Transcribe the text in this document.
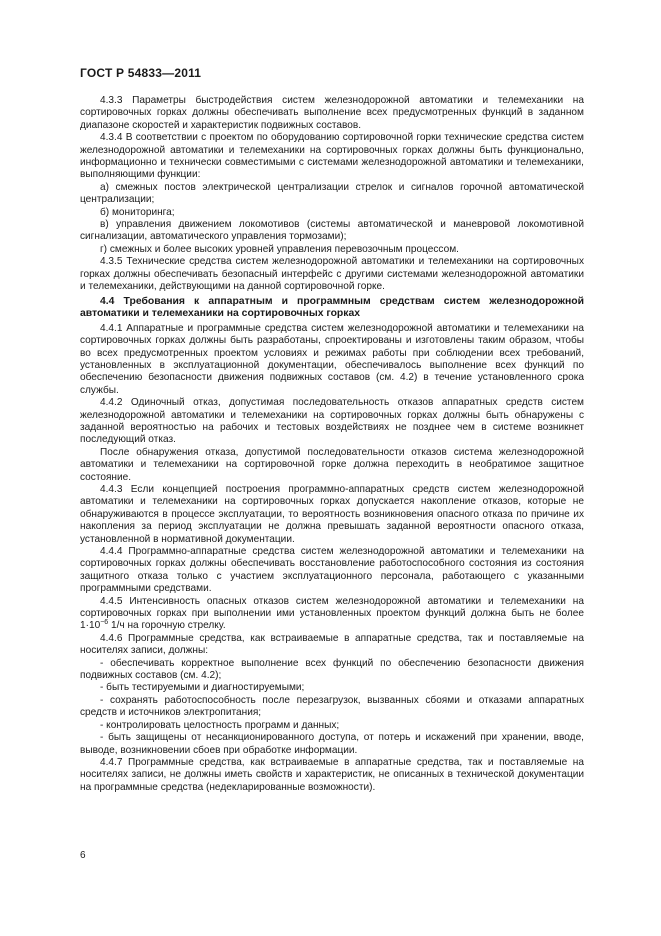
ГОСТ Р 54833—2011

4.3.3 Параметры быстродействия систем железнодорожной автоматики и телемеханики на сортировочных горках должны обеспечивать выполнение всех предусмотренных функций в заданном диапазоне скоростей и характеристик подвижных составов.

4.3.4 В соответствии с проектом по оборудованию сортировочной горки технические средства систем железнодорожной автоматики и телемеханики на сортировочных горках должны быть функционально, информационно и технически совместимыми с системами железнодорожной автоматики и телемеханики, выполняющими функции:

а) смежных постов электрической централизации стрелок и сигналов горочной автоматической централизации;

б) мониторинга;

в) управления движением локомотивов (системы автоматической и маневровой локомотивной сигнализации, автоматического управления тормозами);

г) смежных и более высоких уровней управления перевозочным процессом.

4.3.5 Технические средства систем железнодорожной автоматики и телемеханики на сортировочных горках должны обеспечивать безопасный интерфейс с другими системами железнодорожной автоматики и телемеханики, действующими на данной сортировочной горке.

4.4 Требования к аппаратным и программным средствам систем железнодорожной автоматики и телемеханики на сортировочных горках

4.4.1 Аппаратные и программные средства систем железнодорожной автоматики и телемеханики на сортировочных горках должны быть разработаны, спроектированы и изготовлены таким образом, чтобы во всех предусмотренных проектом условиях и режимах работы при соблюдении всех требований, установленных в эксплуатационной документации, обеспечивалось выполнение всех функций по обеспечению безопасности движения подвижных составов (см. 4.2) в течение установленного срока службы.

4.4.2 Одиночный отказ, допустимая последовательность отказов аппаратных средств систем железнодорожной автоматики и телемеханики на сортировочных горках должны быть обнаружены с заданной вероятностью на рабочих и тестовых воздействиях не позднее чем в системе возникнет последующий отказ.

После обнаружения отказа, допустимой последовательности отказов система железнодорожной автоматики и телемеханики на сортировочной горке должна переходить в необратимое защитное состояние.

4.4.3 Если концепцией построения программно-аппаратных средств систем железнодорожной автоматики и телемеханики на сортировочных горках допускается накопление отказов, которые не обнаруживаются в процессе эксплуатации, то вероятность возникновения опасного отказа по причине их накопления за период эксплуатации не должна превышать заданной вероятности опасного отказа, установленной в нормативной документации.

4.4.4 Программно-аппаратные средства систем железнодорожной автоматики и телемеханики на сортировочных горках должны обеспечивать восстановление работоспособного состояния из состояния защитного отказа только с участием эксплуатационного персонала, работающего с указанными программными средствами.

4.4.5 Интенсивность опасных отказов систем железнодорожной автоматики и телемеханики на сортировочных горках при выполнении ими установленных проектом функций должна быть не более $1\cdot 10^{-6}$ 1/ч на горочную стрелку.

4.4.6 Программные средства, как встраиваемые в аппаратные средства, так и поставляемые на носителях записи, должны:

- обеспечивать корректное выполнение всех функций по обеспечению безопасности движения подвижных составов (см. 4.2);

- быть тестируемыми и диагностируемыми;

- сохранять работоспособность после перезагрузок, вызванных сбоями и отказами аппаратных средств и источников электропитания;

- контролировать целостность программ и данных;

- быть защищены от несанкционированного доступа, от потерь и искажений при хранении, вводе, выводе, возникновении сбоев при обработке информации.

4.4.7 Программные средства, как встраиваемые в аппаратные средства, так и поставляемые на носителях записи, не должны иметь свойств и характеристик, не описанных в технической документации на программные средства (недекларированные возможности).

6
